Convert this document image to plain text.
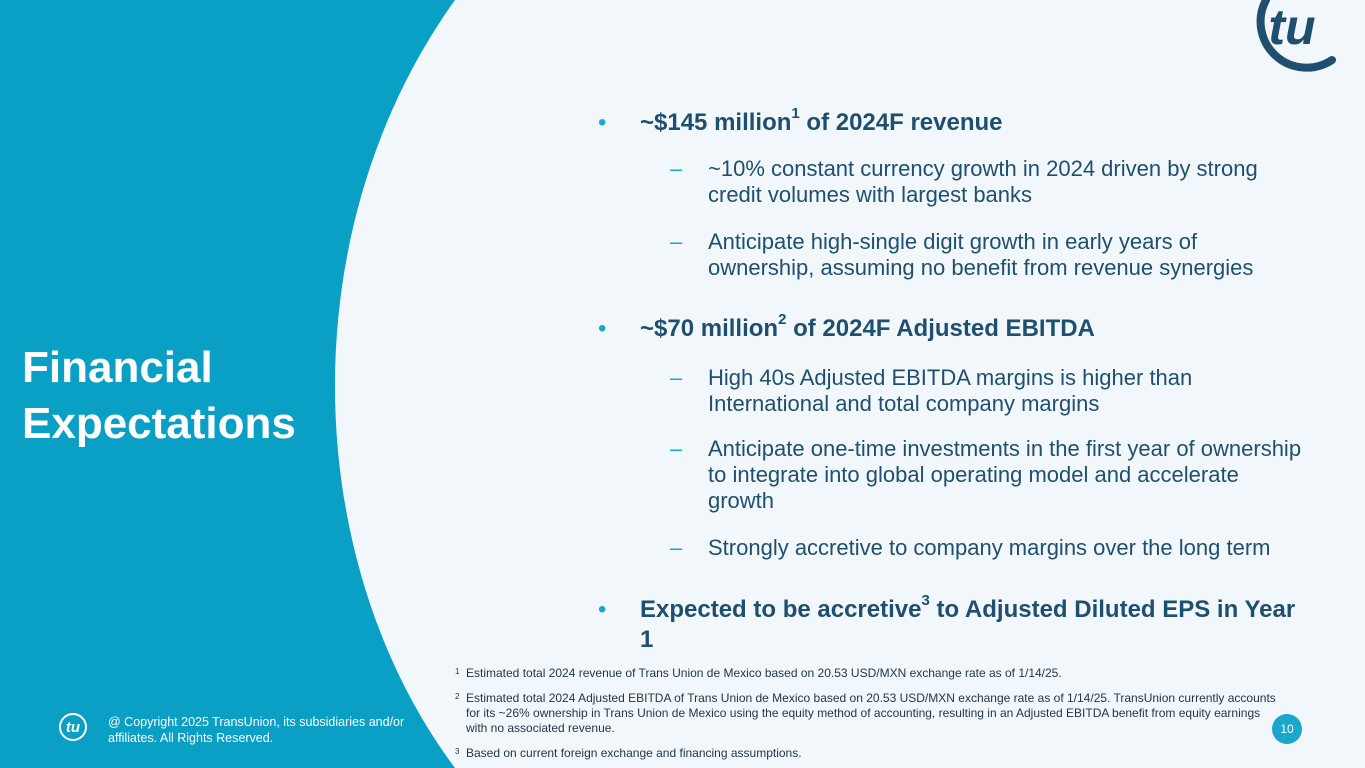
tu
Financial
Expectations
• ~$145 million$^1$ of 2024F revenue
– ~10% constant currency growth in 2024 driven by strong credit volumes with largest banks
– Anticipate high-single digit growth in early years of ownership, assuming no benefit from revenue synergies
• ~$70 million$^2$ of 2024F Adjusted EBITDA
– High 40s Adjusted EBITDA margins is higher than International and total company margins
– Anticipate one-time investments in the first year of ownership to integrate into global operating model and accelerate growth
– Strongly accretive to company margins over the long term
• Expected to be accretive$^3$ to Adjusted Diluted EPS in Year 1
$^1$ Estimated total 2024 revenue of Trans Union de Mexico based on 20.53 USD/MXN exchange rate as of 1/14/25.
$^2$ Estimated total 2024 Adjusted EBITDA of Trans Union de Mexico based on 20.53 USD/MXN exchange rate as of 1/14/25. TransUnion currently accounts for its ~26% ownership in Trans Union de Mexico using the equity method of accounting, resulting in an Adjusted EBITDA benefit from equity earnings with no associated revenue.
$^3$ Based on current foreign exchange and financing assumptions.
tu @ Copyright 2025 TransUnion, its subsidiaries and/or affiliates. All Rights Reserved.
10
